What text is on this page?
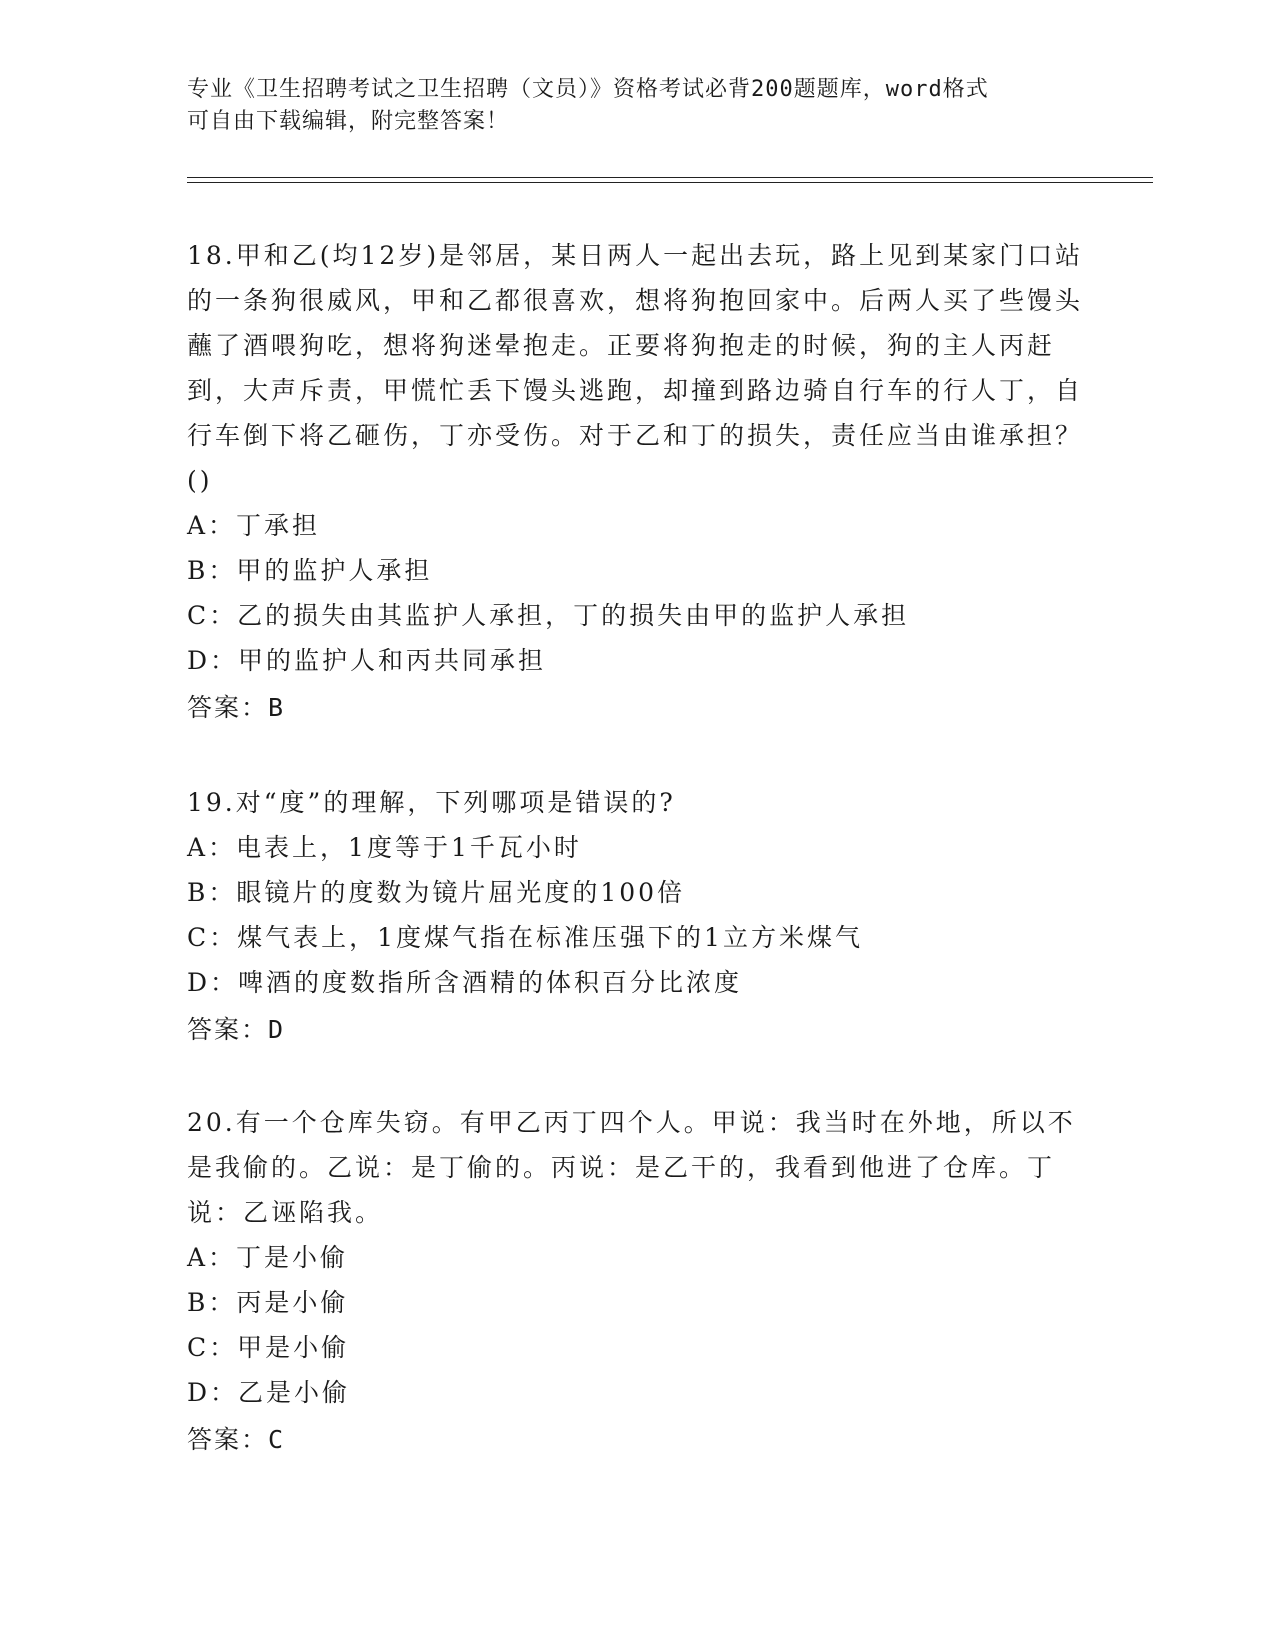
专业《卫生招聘考试之卫生招聘（文员）》资格考试必背200题题库，word格式
可自由下载编辑，附完整答案！
18.甲和乙(均12岁)是邻居，某日两人一起出去玩，路上见到某家门口站的一条狗很威风，甲和乙都很喜欢，想将狗抱回家中。后两人买了些馒头蘸了酒喂狗吃，想将狗迷晕抱走。正要将狗抱走的时候，狗的主人丙赶到，大声斥责，甲慌忙丢下馒头逃跑，却撞到路边骑自行车的行人丁，自行车倒下将乙砸伤，丁亦受伤。对于乙和丁的损失，责任应当由谁承担？()
A：丁承担
B：甲的监护人承担
C：乙的损失由其监护人承担，丁的损失由甲的监护人承担
D：甲的监护人和丙共同承担
答案：B
19.对“度”的理解，下列哪项是错误的?
A：电表上，1度等于1千瓦小时
B：眼镜片的度数为镜片屈光度的100倍
C：煤气表上，1度煤气指在标准压强下的1立方米煤气
D：啤酒的度数指所含酒精的体积百分比浓度
答案：D
20.有一个仓库失窃。有甲乙丙丁四个人。甲说：我当时在外地，所以不是我偷的。乙说：是丁偷的。丙说：是乙干的，我看到他进了仓库。丁说：乙诬陷我。
A：丁是小偷
B：丙是小偷
C：甲是小偷
D：乙是小偷
答案：C
